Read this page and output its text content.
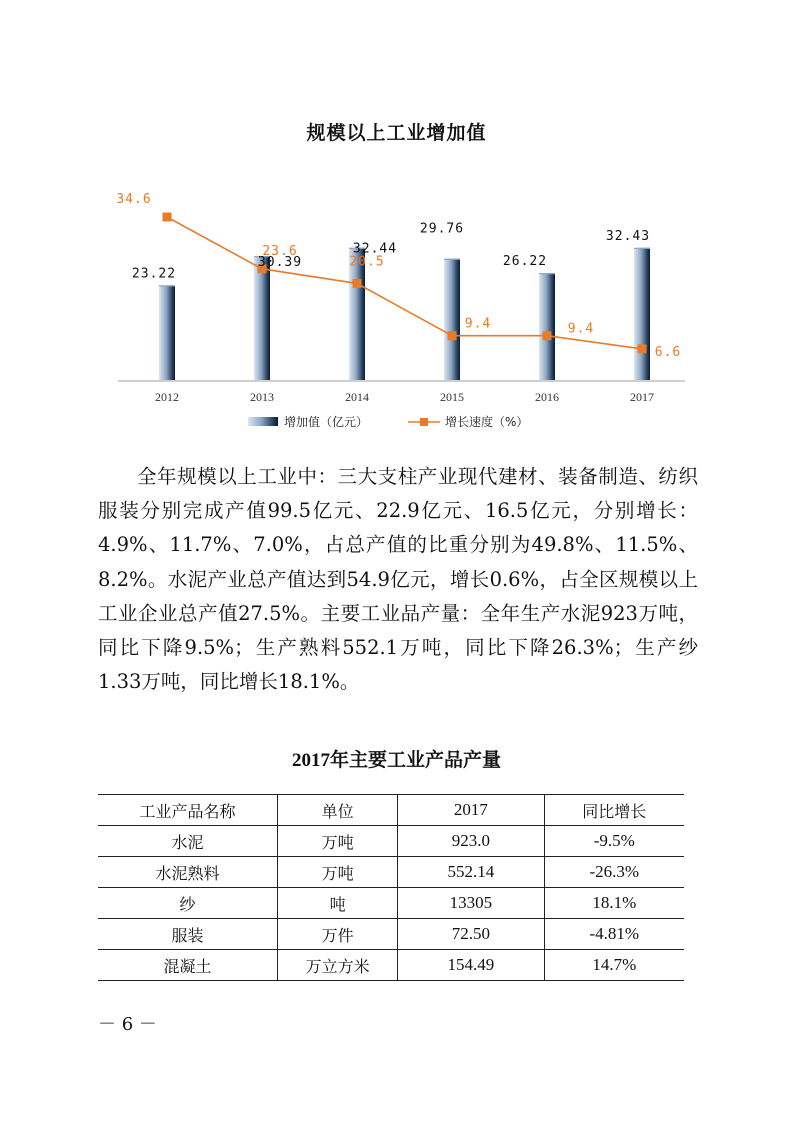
规模以上工业增加值
2012	2013	2014	2015	2016	2017
23.22
30.39
32.44
29.76
26.22
32.43
34.6
23.6
20.5
9.4	9.4
6.6
增加值（亿元）	增长速度（%）

全年规模以上工业中：三大支柱产业现代建材、装备制造、纺织服装分别完成产值99.5亿元、22.9亿元、16.5亿元，分别增长：4.9%、11.7%、7.0%，占总产值的比重分别为49.8%、11.5%、8.2%。水泥产业总产值达到54.9亿元，增长0.6%，占全区规模以上工业企业总产值27.5%。主要工业品产量：全年生产水泥923万吨，同比下降9.5%；生产熟料552.1万吨，同比下降26.3%；生产纱1.33万吨，同比增长18.1%。

2017年主要工业产品产量
工业产品名称	单位	2017	同比增长
水泥	万吨	923.0	-9.5%
水泥熟料	万吨	552.14	-26.3%
纱	吨	13305	18.1%
服装	万件	72.50	-4.81%
混凝土	万立方米	154.49	14.7%
－ 6 －
